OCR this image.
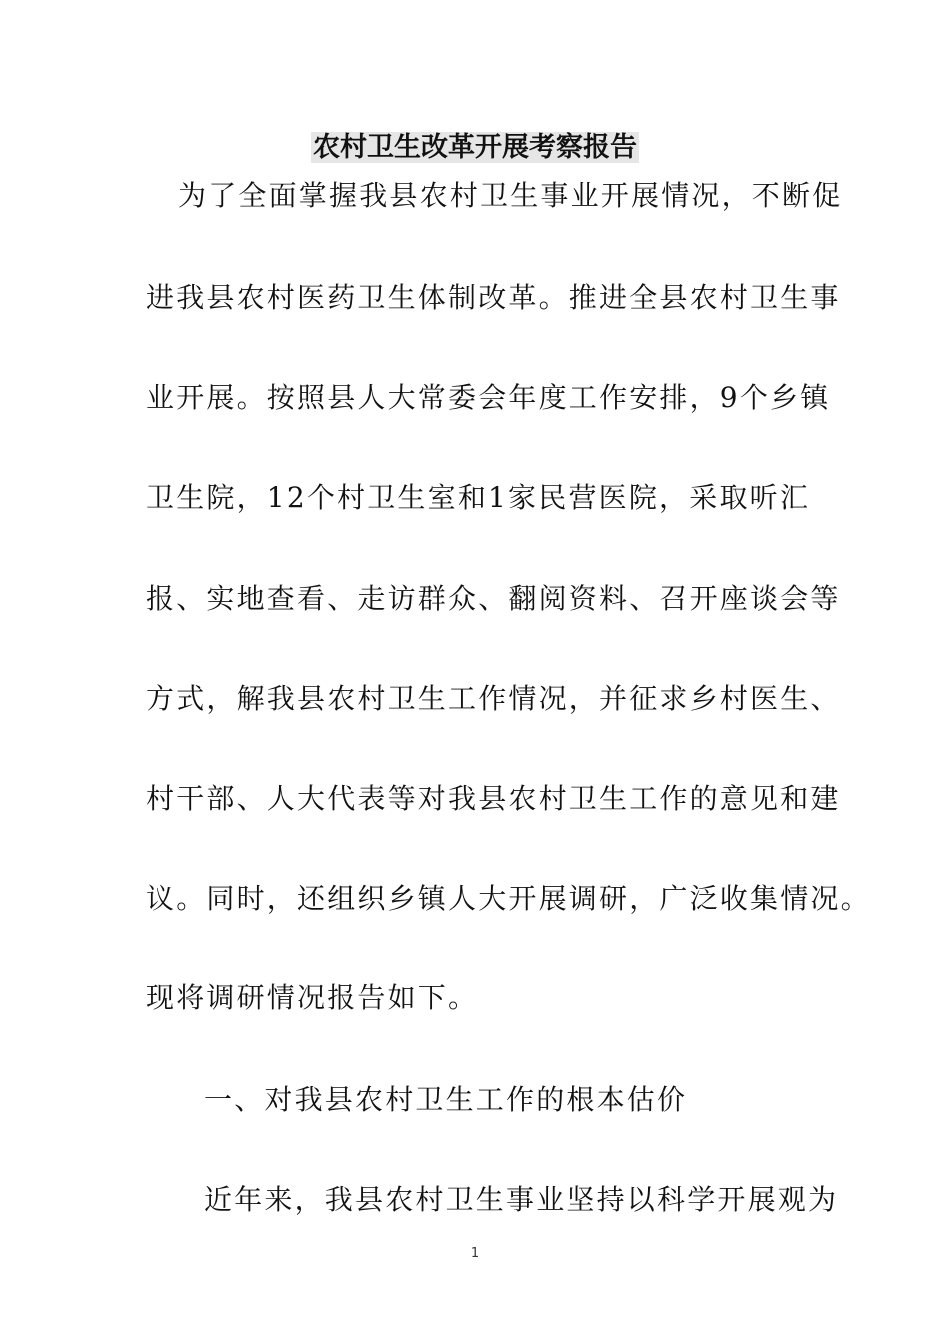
农村卫生改革开展考察报告
为了全面掌握我县农村卫生事业开展情况，不断促
进我县农村医药卫生体制改革。推进全县农村卫生事
业开展。按照县人大常委会年度工作安排，9个乡镇
卫生院，12个村卫生室和1家民营医院，采取听汇
报、实地查看、走访群众、翻阅资料、召开座谈会等
方式，解我县农村卫生工作情况，并征求乡村医生、
村干部、人大代表等对我县农村卫生工作的意见和建
议。同时，还组织乡镇人大开展调研，广泛收集情况。
现将调研情况报告如下。
一、对我县农村卫生工作的根本估价
近年来，我县农村卫生事业坚持以科学开展观为
1
